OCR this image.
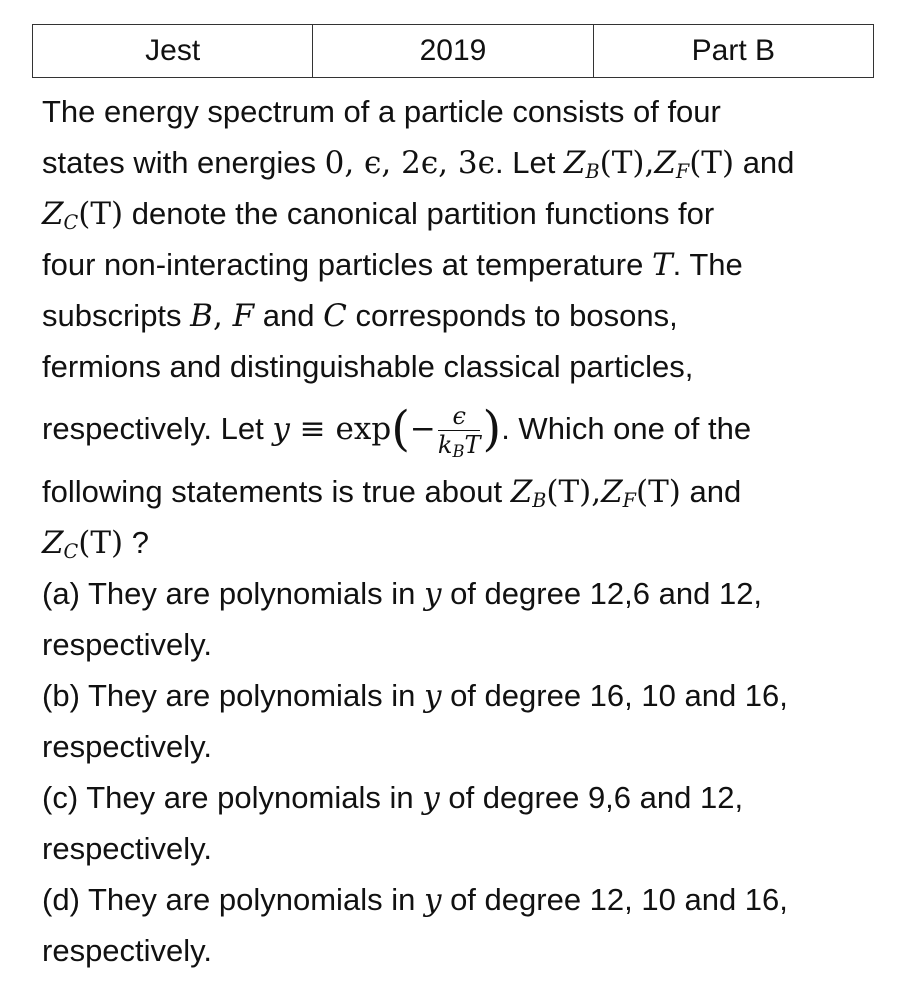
Jest	2019	Part B
The energy spectrum of a particle consists of four
states with energies 0, ϵ, 2ϵ, 3ϵ. Let $Z_B(T),Z_F(T)$ and
$Z_C(T)$ denote the canonical partition functions for
four non-interacting particles at temperature T. The
subscripts B, F and C corresponds to bosons,
fermions and distinguishable classical particles,
respectively. Let $y \equiv \exp(- \frac{\epsilon}{k_BT}$ ). Which one of the
following statements is true about $Z_B(T),Z_F(T)$ and
$Z_C(T)$ ?
(a) They are polynomials in y of degree 12,6 and 12,
respectively.
(b) They are polynomials in y of degree 16, 10 and 16,
respectively.
(c) They are polynomials in y of degree 9,6 and 12,
respectively.
(d) They are polynomials in y of degree 12, 10 and 16,
respectively.
